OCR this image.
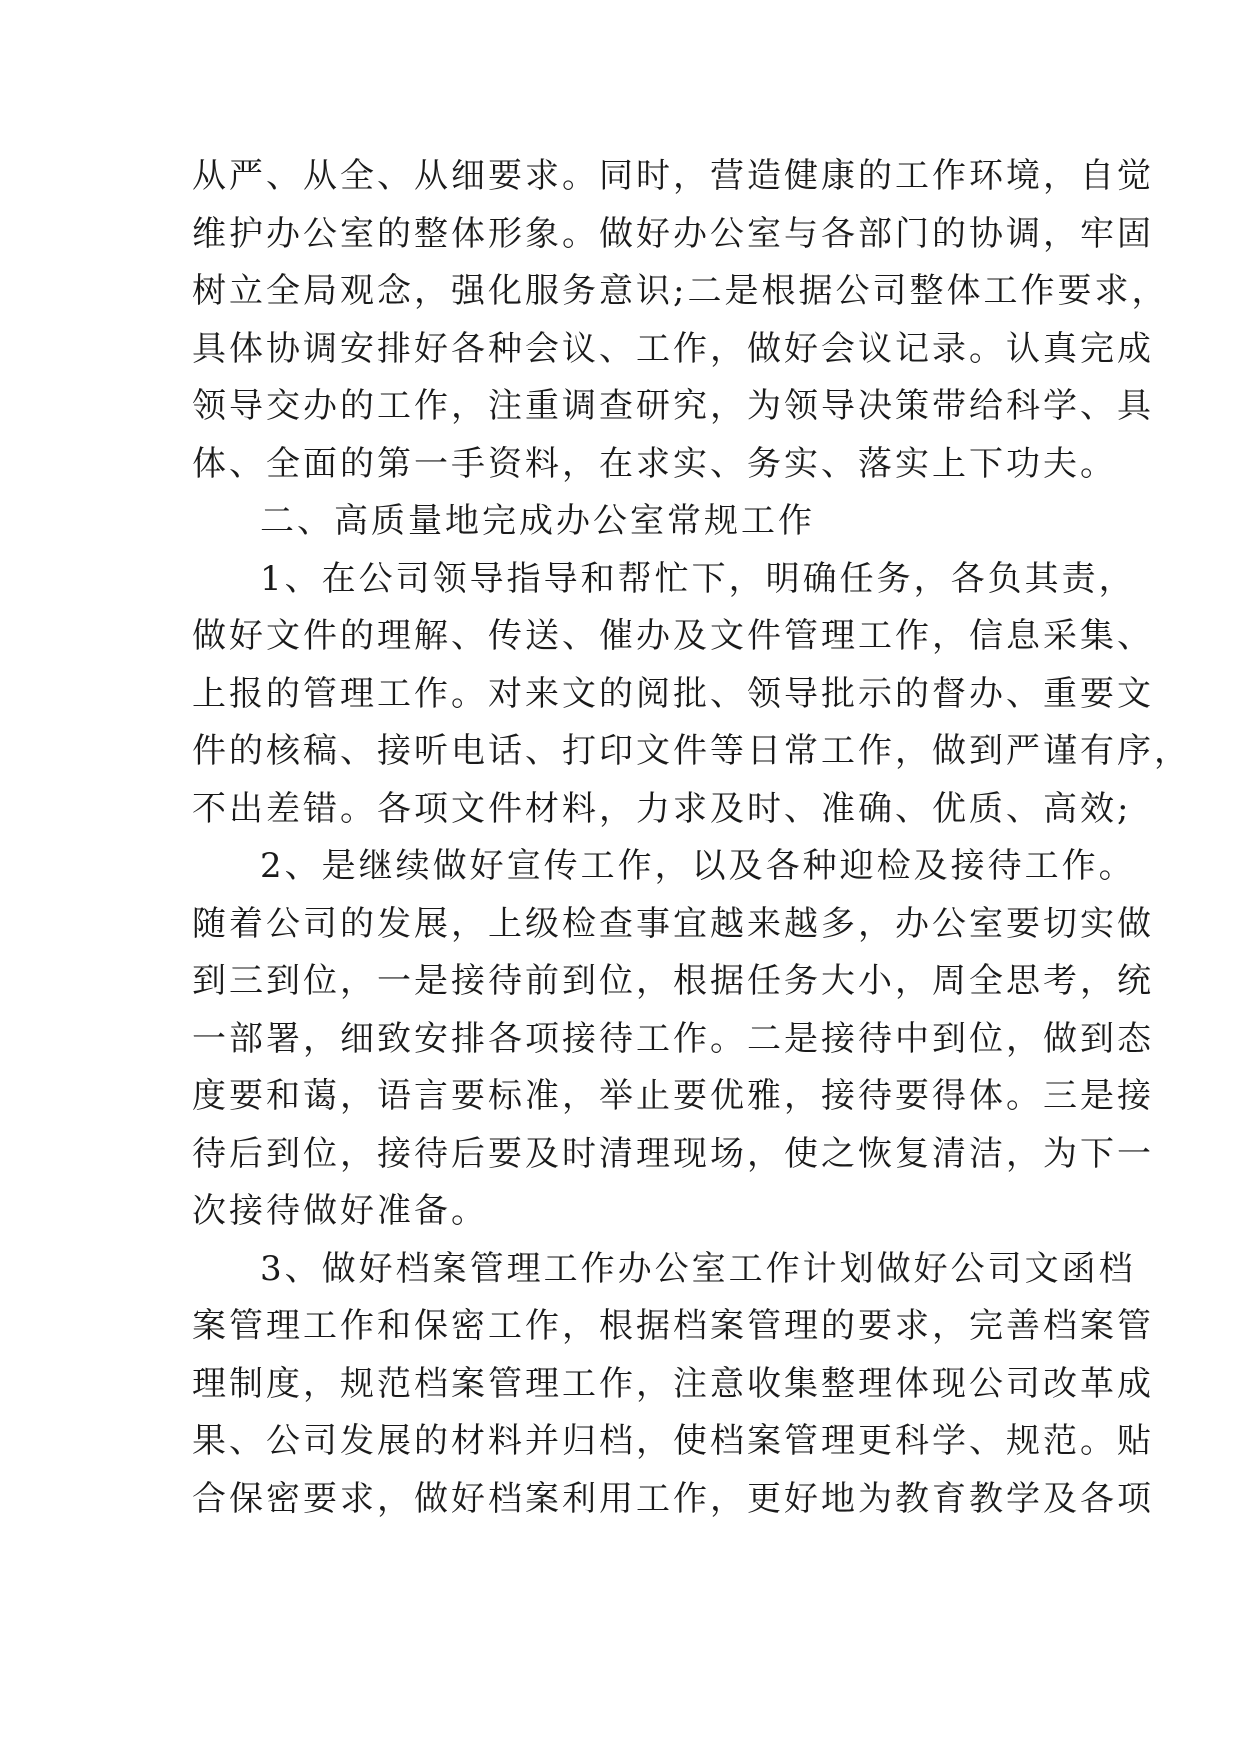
从严、从全、从细要求。同时，营造健康的工作环境，自觉
维护办公室的整体形象。做好办公室与各部门的协调，牢固
树立全局观念，强化服务意识;二是根据公司整体工作要求，
具体协调安排好各种会议、工作，做好会议记录。认真完成
领导交办的工作，注重调查研究，为领导决策带给科学、具
体、全面的第一手资料，在求实、务实、落实上下功夫。
二、高质量地完成办公室常规工作
1、在公司领导指导和帮忙下，明确任务，各负其责，
做好文件的理解、传送、催办及文件管理工作，信息采集、
上报的管理工作。对来文的阅批、领导批示的督办、重要文
件的核稿、接听电话、打印文件等日常工作，做到严谨有序，
不出差错。各项文件材料，力求及时、准确、优质、高效;
2、是继续做好宣传工作，以及各种迎检及接待工作。
随着公司的发展，上级检查事宜越来越多，办公室要切实做
到三到位，一是接待前到位，根据任务大小，周全思考，统
一部署，细致安排各项接待工作。二是接待中到位，做到态
度要和蔼，语言要标准，举止要优雅，接待要得体。三是接
待后到位，接待后要及时清理现场，使之恢复清洁，为下一
次接待做好准备。
3、做好档案管理工作办公室工作计划做好公司文函档
案管理工作和保密工作，根据档案管理的要求，完善档案管
理制度，规范档案管理工作，注意收集整理体现公司改革成
果、公司发展的材料并归档，使档案管理更科学、规范。贴
合保密要求，做好档案利用工作，更好地为教育教学及各项
